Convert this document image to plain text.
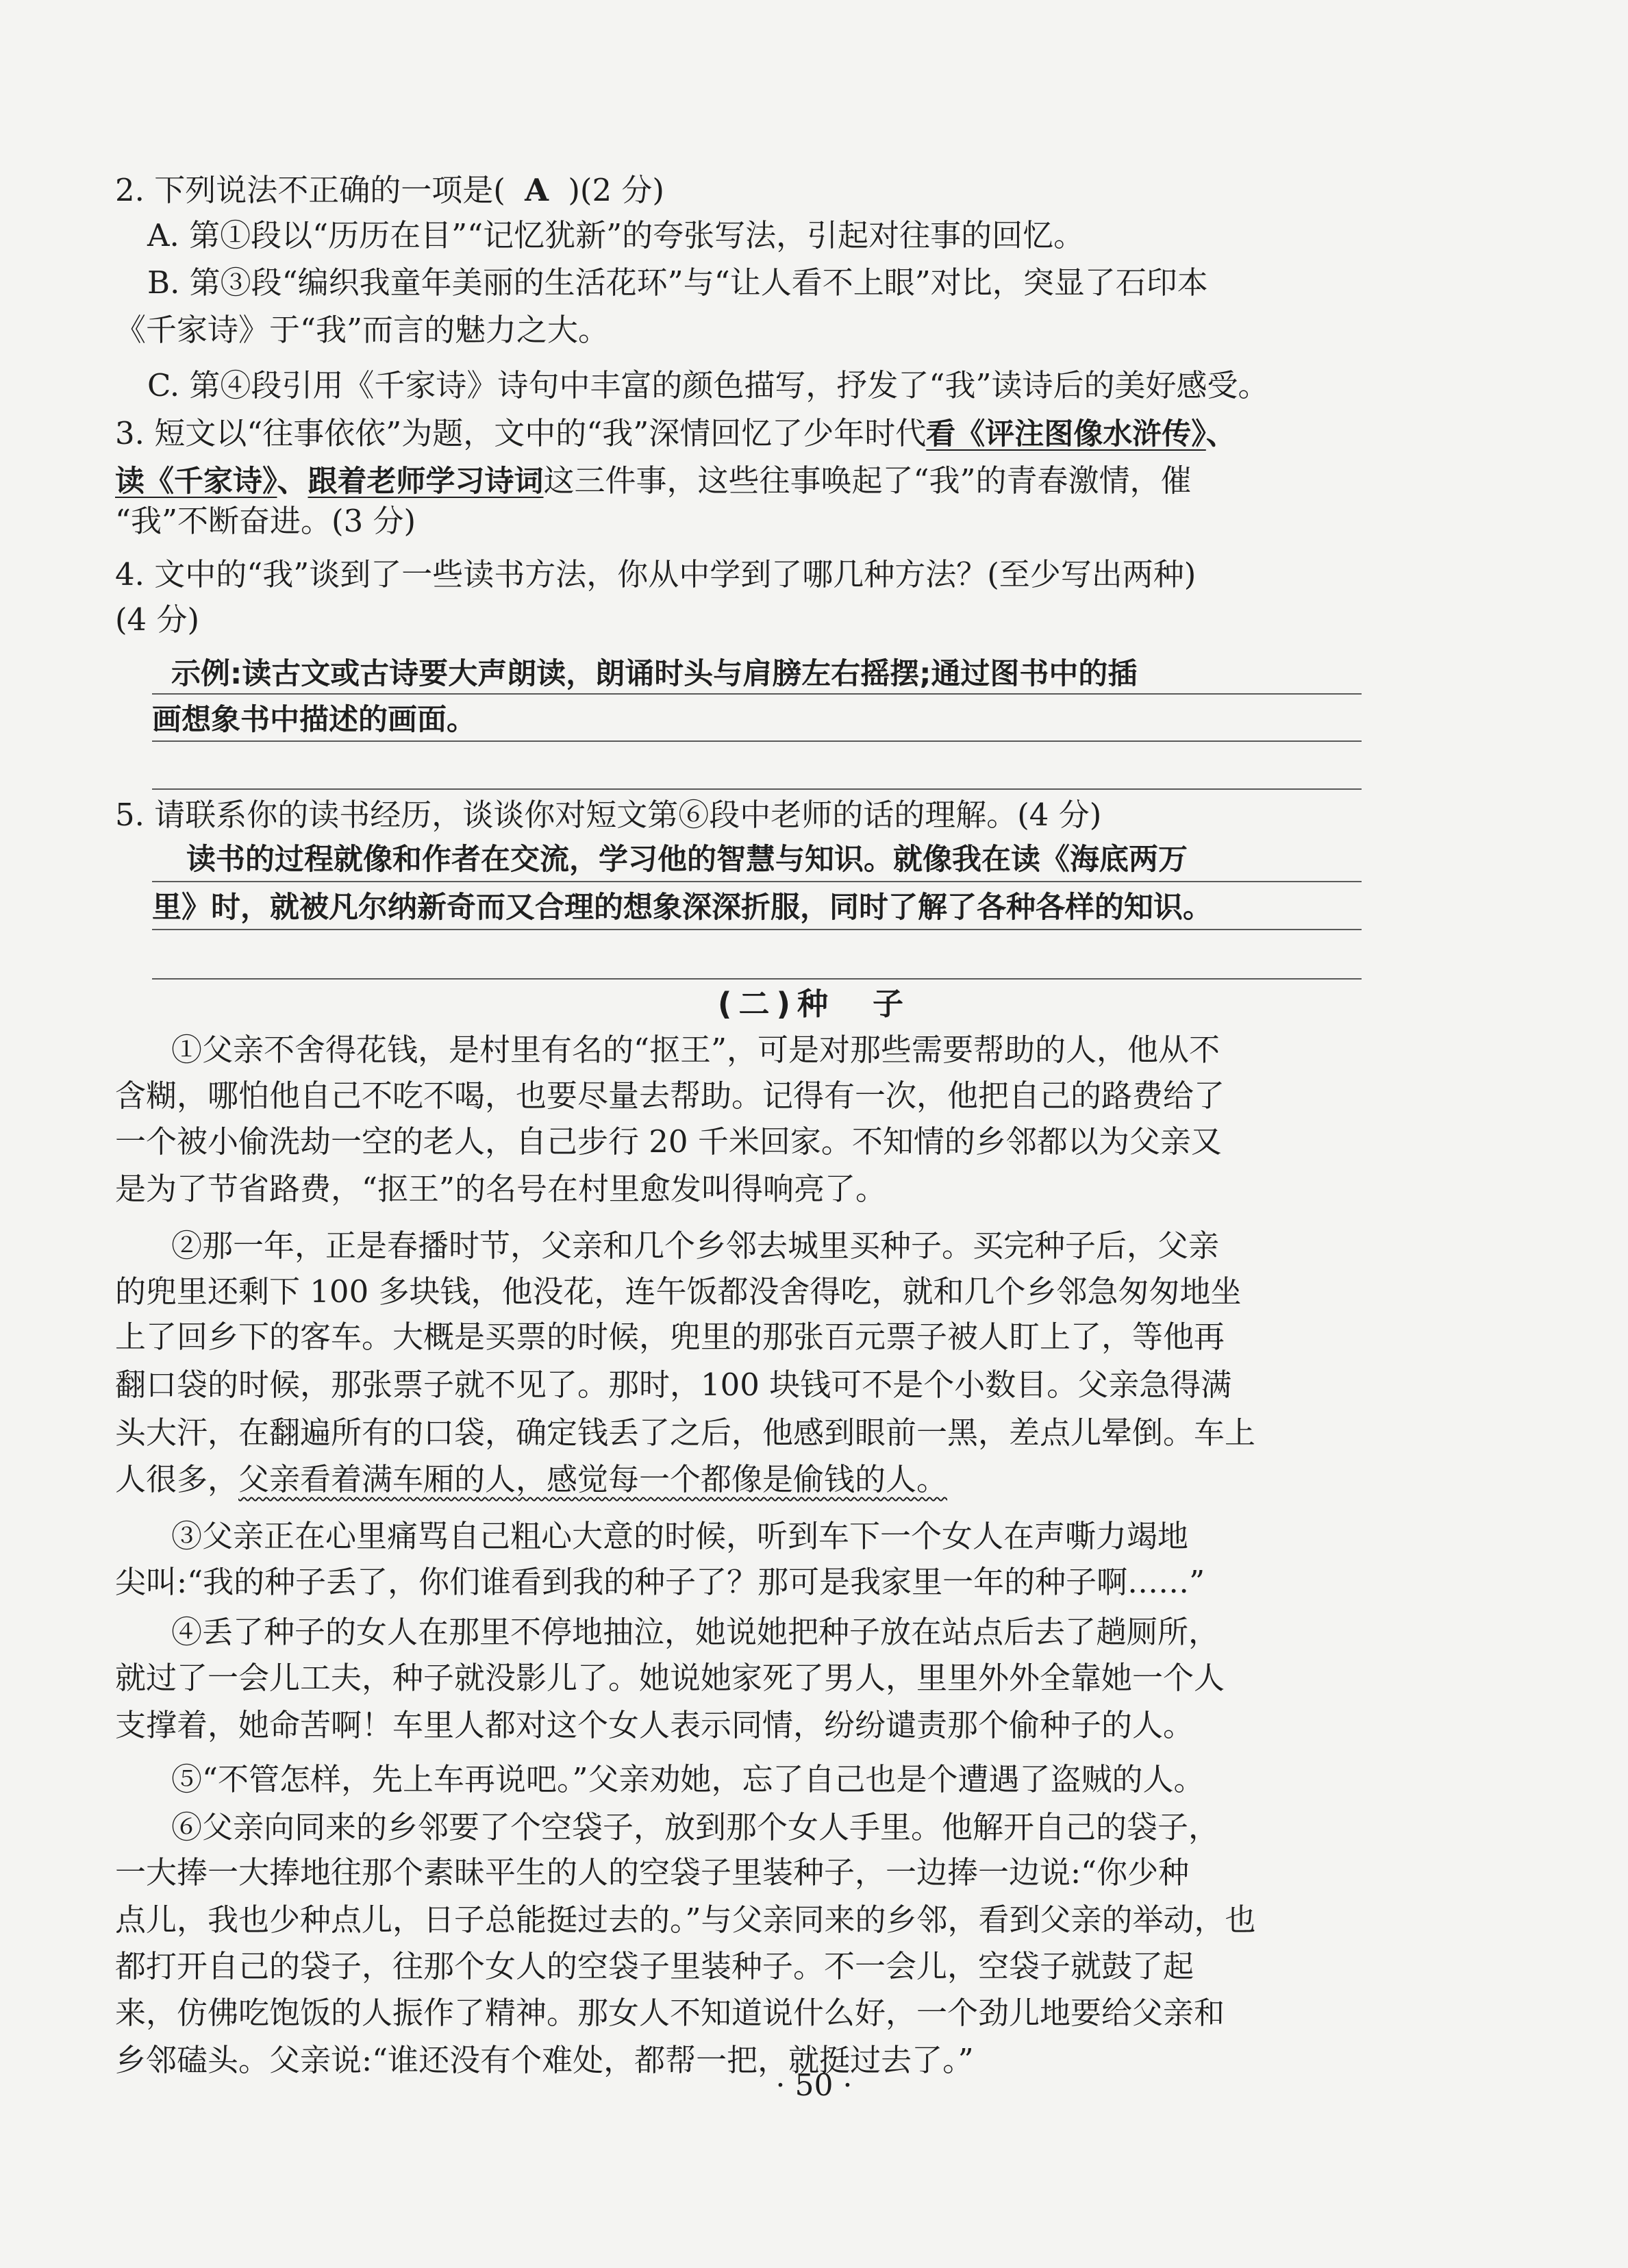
2. 下列说法不正确的一项是( A )(2 分)
A. 第①段以“历历在目”“记忆犹新”的夸张写法，引起对往事的回忆。
B. 第③段“编织我童年美丽的生活花环”与“让人看不上眼”对比，突显了石印本
《千家诗》于“我”而言的魅力之大。
C. 第④段引用《千家诗》诗句中丰富的颜色描写，抒发了“我”读诗后的美好感受。
3. 短文以“往事依依”为题，文中的“我”深情回忆了少年时代看《评注图像水浒传》、
读《千家诗》、跟着老师学习诗词这三件事，这些往事唤起了“我”的青春激情，催
“我”不断奋进。(3 分)
4. 文中的“我”谈到了一些读书方法，你从中学到了哪几种方法？(至少写出两种)
(4 分)
示例:读古文或古诗要大声朗读，朗诵时头与肩膀左右摇摆;通过图书中的插
画想象书中描述的画面。
5. 请联系你的读书经历，谈谈你对短文第⑥段中老师的话的理解。(4 分)
读书的过程就像和作者在交流，学习他的智慧与知识。就像我在读《海底两万
里》时，就被凡尔纳新奇而又合理的想象深深折服，同时了解了各种各样的知识。
(二)种　子
①父亲不舍得花钱，是村里有名的“抠王”，可是对那些需要帮助的人，他从不
含糊，哪怕他自己不吃不喝，也要尽量去帮助。记得有一次，他把自己的路费给了
一个被小偷洗劫一空的老人，自己步行 20 千米回家。不知情的乡邻都以为父亲又
是为了节省路费，“抠王”的名号在村里愈发叫得响亮了。
②那一年，正是春播时节，父亲和几个乡邻去城里买种子。买完种子后，父亲
的兜里还剩下 100 多块钱，他没花，连午饭都没舍得吃，就和几个乡邻急匆匆地坐
上了回乡下的客车。大概是买票的时候，兜里的那张百元票子被人盯上了，等他再
翻口袋的时候，那张票子就不见了。那时，100 块钱可不是个小数目。父亲急得满
头大汗，在翻遍所有的口袋，确定钱丢了之后，他感到眼前一黑，差点儿晕倒。车上
人很多，父亲看着满车厢的人，感觉每一个都像是偷钱的人。
③父亲正在心里痛骂自己粗心大意的时候，听到车下一个女人在声嘶力竭地
尖叫:“我的种子丢了，你们谁看到我的种子了？那可是我家里一年的种子啊……”
④丢了种子的女人在那里不停地抽泣，她说她把种子放在站点后去了趟厕所，
就过了一会儿工夫，种子就没影儿了。她说她家死了男人，里里外外全靠她一个人
支撑着，她命苦啊！车里人都对这个女人表示同情，纷纷谴责那个偷种子的人。
⑤“不管怎样，先上车再说吧。”父亲劝她，忘了自己也是个遭遇了盗贼的人。
⑥父亲向同来的乡邻要了个空袋子，放到那个女人手里。他解开自己的袋子，
一大捧一大捧地往那个素昧平生的人的空袋子里装种子，一边捧一边说:“你少种
点儿，我也少种点儿，日子总能挺过去的。”与父亲同来的乡邻，看到父亲的举动，也
都打开自己的袋子，往那个女人的空袋子里装种子。不一会儿，空袋子就鼓了起
来，仿佛吃饱饭的人振作了精神。那女人不知道说什么好，一个劲儿地要给父亲和
乡邻磕头。父亲说:“谁还没有个难处，都帮一把，就挺过去了。”
· 50 ·
